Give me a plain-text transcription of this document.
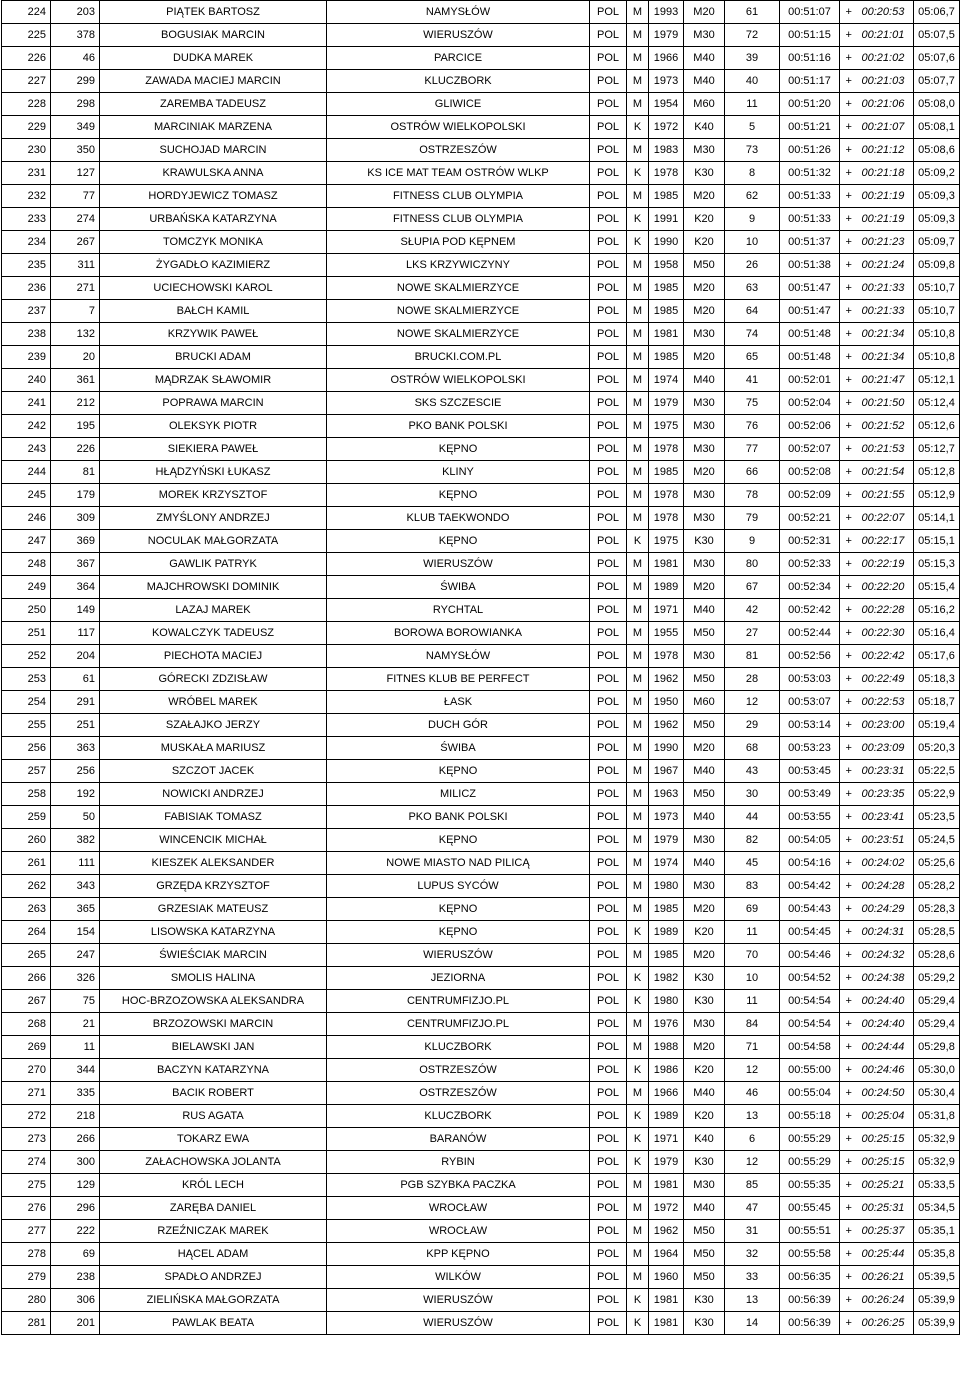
224	203	PIĄTEK BARTOSZ	NAMYSŁÓW	POL	M	1993	M20	61	00:51:07	+	00:20:53	05:06,7
225	378	BOGUSIAK MARCIN	WIERUSZÓW	POL	M	1979	M30	72	00:51:15	+	00:21:01	05:07,5
226	46	DUDKA MAREK	PARCICE	POL	M	1966	M40	39	00:51:16	+	00:21:02	05:07,6
227	299	ZAWADA MACIEJ MARCIN	KLUCZBORK	POL	M	1973	M40	40	00:51:17	+	00:21:03	05:07,7
228	298	ZAREMBA TADEUSZ	GLIWICE	POL	M	1954	M60	11	00:51:20	+	00:21:06	05:08,0
229	349	MARCINIAK MARZENA	OSTRÓW WIELKOPOLSKI	POL	K	1972	K40	5	00:51:21	+	00:21:07	05:08,1
230	350	SUCHOJAD MARCIN	OSTRZESZÓW	POL	M	1983	M30	73	00:51:26	+	00:21:12	05:08,6
231	127	KRAWULSKA ANNA	KS ICE MAT TEAM OSTRÓW WLKP	POL	K	1978	K30	8	00:51:32	+	00:21:18	05:09,2
232	77	HORDYJEWICZ TOMASZ	FITNESS CLUB OLYMPIA	POL	M	1985	M20	62	00:51:33	+	00:21:19	05:09,3
233	274	URBAŃSKA KATARZYNA	FITNESS CLUB OLYMPIA	POL	K	1991	K20	9	00:51:33	+	00:21:19	05:09,3
234	267	TOMCZYK MONIKA	SŁUPIA POD KĘPNEM	POL	K	1990	K20	10	00:51:37	+	00:21:23	05:09,7
235	311	ŻYGADŁO KAZIMIERZ	LKS KRZYWICZYNY	POL	M	1958	M50	26	00:51:38	+	00:21:24	05:09,8
236	271	UCIECHOWSKI KAROL	NOWE SKALMIERZYCE	POL	M	1985	M20	63	00:51:47	+	00:21:33	05:10,7
237	7	BAŁCH KAMIL	NOWE SKALMIERZYCE	POL	M	1985	M20	64	00:51:47	+	00:21:33	05:10,7
238	132	KRZYWIK PAWEŁ	NOWE SKALMIERZYCE	POL	M	1981	M30	74	00:51:48	+	00:21:34	05:10,8
239	20	BRUCKI ADAM	BRUCKI.COM.PL	POL	M	1985	M20	65	00:51:48	+	00:21:34	05:10,8
240	361	MĄDRZAK SŁAWOMIR	OSTRÓW WIELKOPOLSKI	POL	M	1974	M40	41	00:52:01	+	00:21:47	05:12,1
241	212	POPRAWA MARCIN	SKS SZCZESCIE	POL	M	1979	M30	75	00:52:04	+	00:21:50	05:12,4
242	195	OLEKSYK PIOTR	PKO BANK POLSKI	POL	M	1975	M30	76	00:52:06	+	00:21:52	05:12,6
243	226	SIEKIERA PAWEŁ	KĘPNO	POL	M	1978	M30	77	00:52:07	+	00:21:53	05:12,7
244	81	HŁĄDZYŃSKI ŁUKASZ	KLINY	POL	M	1985	M20	66	00:52:08	+	00:21:54	05:12,8
245	179	MOREK KRZYSZTOF	KĘPNO	POL	M	1978	M30	78	00:52:09	+	00:21:55	05:12,9
246	309	ZMYŚLONY ANDRZEJ	KLUB TAEKWONDO	POL	M	1978	M30	79	00:52:21	+	00:22:07	05:14,1
247	369	NOCULAK MAŁGORZATA	KĘPNO	POL	K	1975	K30	9	00:52:31	+	00:22:17	05:15,1
248	367	GAWLIK PATRYK	WIERUSZÓW	POL	M	1981	M30	80	00:52:33	+	00:22:19	05:15,3
249	364	MAJCHROWSKI DOMINIK	ŚWIBA	POL	M	1989	M20	67	00:52:34	+	00:22:20	05:15,4
250	149	LAZAJ MAREK	RYCHTAL	POL	M	1971	M40	42	00:52:42	+	00:22:28	05:16,2
251	117	KOWALCZYK TADEUSZ	BOROWA BOROWIANKA	POL	M	1955	M50	27	00:52:44	+	00:22:30	05:16,4
252	204	PIECHOTA MACIEJ	NAMYSŁÓW	POL	M	1978	M30	81	00:52:56	+	00:22:42	05:17,6
253	61	GÓRECKI ZDZISŁAW	FITNES KLUB BE PERFECT	POL	M	1962	M50	28	00:53:03	+	00:22:49	05:18,3
254	291	WRÓBEL MAREK	ŁASK	POL	M	1950	M60	12	00:53:07	+	00:22:53	05:18,7
255	251	SZAŁAJKO JERZY	DUCH GÓR	POL	M	1962	M50	29	00:53:14	+	00:23:00	05:19,4
256	363	MUSKAŁA MARIUSZ	ŚWIBA	POL	M	1990	M20	68	00:53:23	+	00:23:09	05:20,3
257	256	SZCZOT JACEK	KĘPNO	POL	M	1967	M40	43	00:53:45	+	00:23:31	05:22,5
258	192	NOWICKI ANDRZEJ	MILICZ	POL	M	1963	M50	30	00:53:49	+	00:23:35	05:22,9
259	50	FABISIAK TOMASZ	PKO BANK POLSKI	POL	M	1973	M40	44	00:53:55	+	00:23:41	05:23,5
260	382	WINCENCIK MICHAŁ	KĘPNO	POL	M	1979	M30	82	00:54:05	+	00:23:51	05:24,5
261	111	KIESZEK ALEKSANDER	NOWE MIASTO NAD PILICĄ	POL	M	1974	M40	45	00:54:16	+	00:24:02	05:25,6
262	343	GRZĘDA KRZYSZTOF	LUPUS SYCÓW	POL	M	1980	M30	83	00:54:42	+	00:24:28	05:28,2
263	365	GRZESIAK MATEUSZ	KĘPNO	POL	M	1985	M20	69	00:54:43	+	00:24:29	05:28,3
264	154	LISOWSKA KATARZYNA	KĘPNO	POL	K	1989	K20	11	00:54:45	+	00:24:31	05:28,5
265	247	ŚWIEŚCIAK MARCIN	WIERUSZÓW	POL	M	1985	M20	70	00:54:46	+	00:24:32	05:28,6
266	326	SMOLIS HALINA	JEZIORNA	POL	K	1982	K30	10	00:54:52	+	00:24:38	05:29,2
267	75	HOC-BRZOZOWSKA ALEKSANDRA	CENTRUMFIZJO.PL	POL	K	1980	K30	11	00:54:54	+	00:24:40	05:29,4
268	21	BRZOZOWSKI MARCIN	CENTRUMFIZJO.PL	POL	M	1976	M30	84	00:54:54	+	00:24:40	05:29,4
269	11	BIELAWSKI JAN	KLUCZBORK	POL	M	1988	M20	71	00:54:58	+	00:24:44	05:29,8
270	344	BACZYN KATARZYNA	OSTRZESZÓW	POL	K	1986	K20	12	00:55:00	+	00:24:46	05:30,0
271	335	BACIK ROBERT	OSTRZESZÓW	POL	M	1966	M40	46	00:55:04	+	00:24:50	05:30,4
272	218	RUS AGATA	KLUCZBORK	POL	K	1989	K20	13	00:55:18	+	00:25:04	05:31,8
273	266	TOKARZ EWA	BARANÓW	POL	K	1971	K40	6	00:55:29	+	00:25:15	05:32,9
274	300	ZAŁACHOWSKA JOLANTA	RYBIN	POL	K	1979	K30	12	00:55:29	+	00:25:15	05:32,9
275	129	KRÓL LECH	PGB SZYBKA PACZKA	POL	M	1981	M30	85	00:55:35	+	00:25:21	05:33,5
276	296	ZARĘBA DANIEL	WROCŁAW	POL	M	1972	M40	47	00:55:45	+	00:25:31	05:34,5
277	222	RZEŹNICZAK MAREK	WROCŁAW	POL	M	1962	M50	31	00:55:51	+	00:25:37	05:35,1
278	69	HĄCEL ADAM	KPP KĘPNO	POL	M	1964	M50	32	00:55:58	+	00:25:44	05:35,8
279	238	SPADŁO ANDRZEJ	WILKÓW	POL	M	1960	M50	33	00:56:35	+	00:26:21	05:39,5
280	306	ZIELIŃSKA MAŁGORZATA	WIERUSZÓW	POL	K	1981	K30	13	00:56:39	+	00:26:24	05:39,9
281	201	PAWLAK BEATA	WIERUSZÓW	POL	K	1981	K30	14	00:56:39	+	00:26:25	05:39,9
